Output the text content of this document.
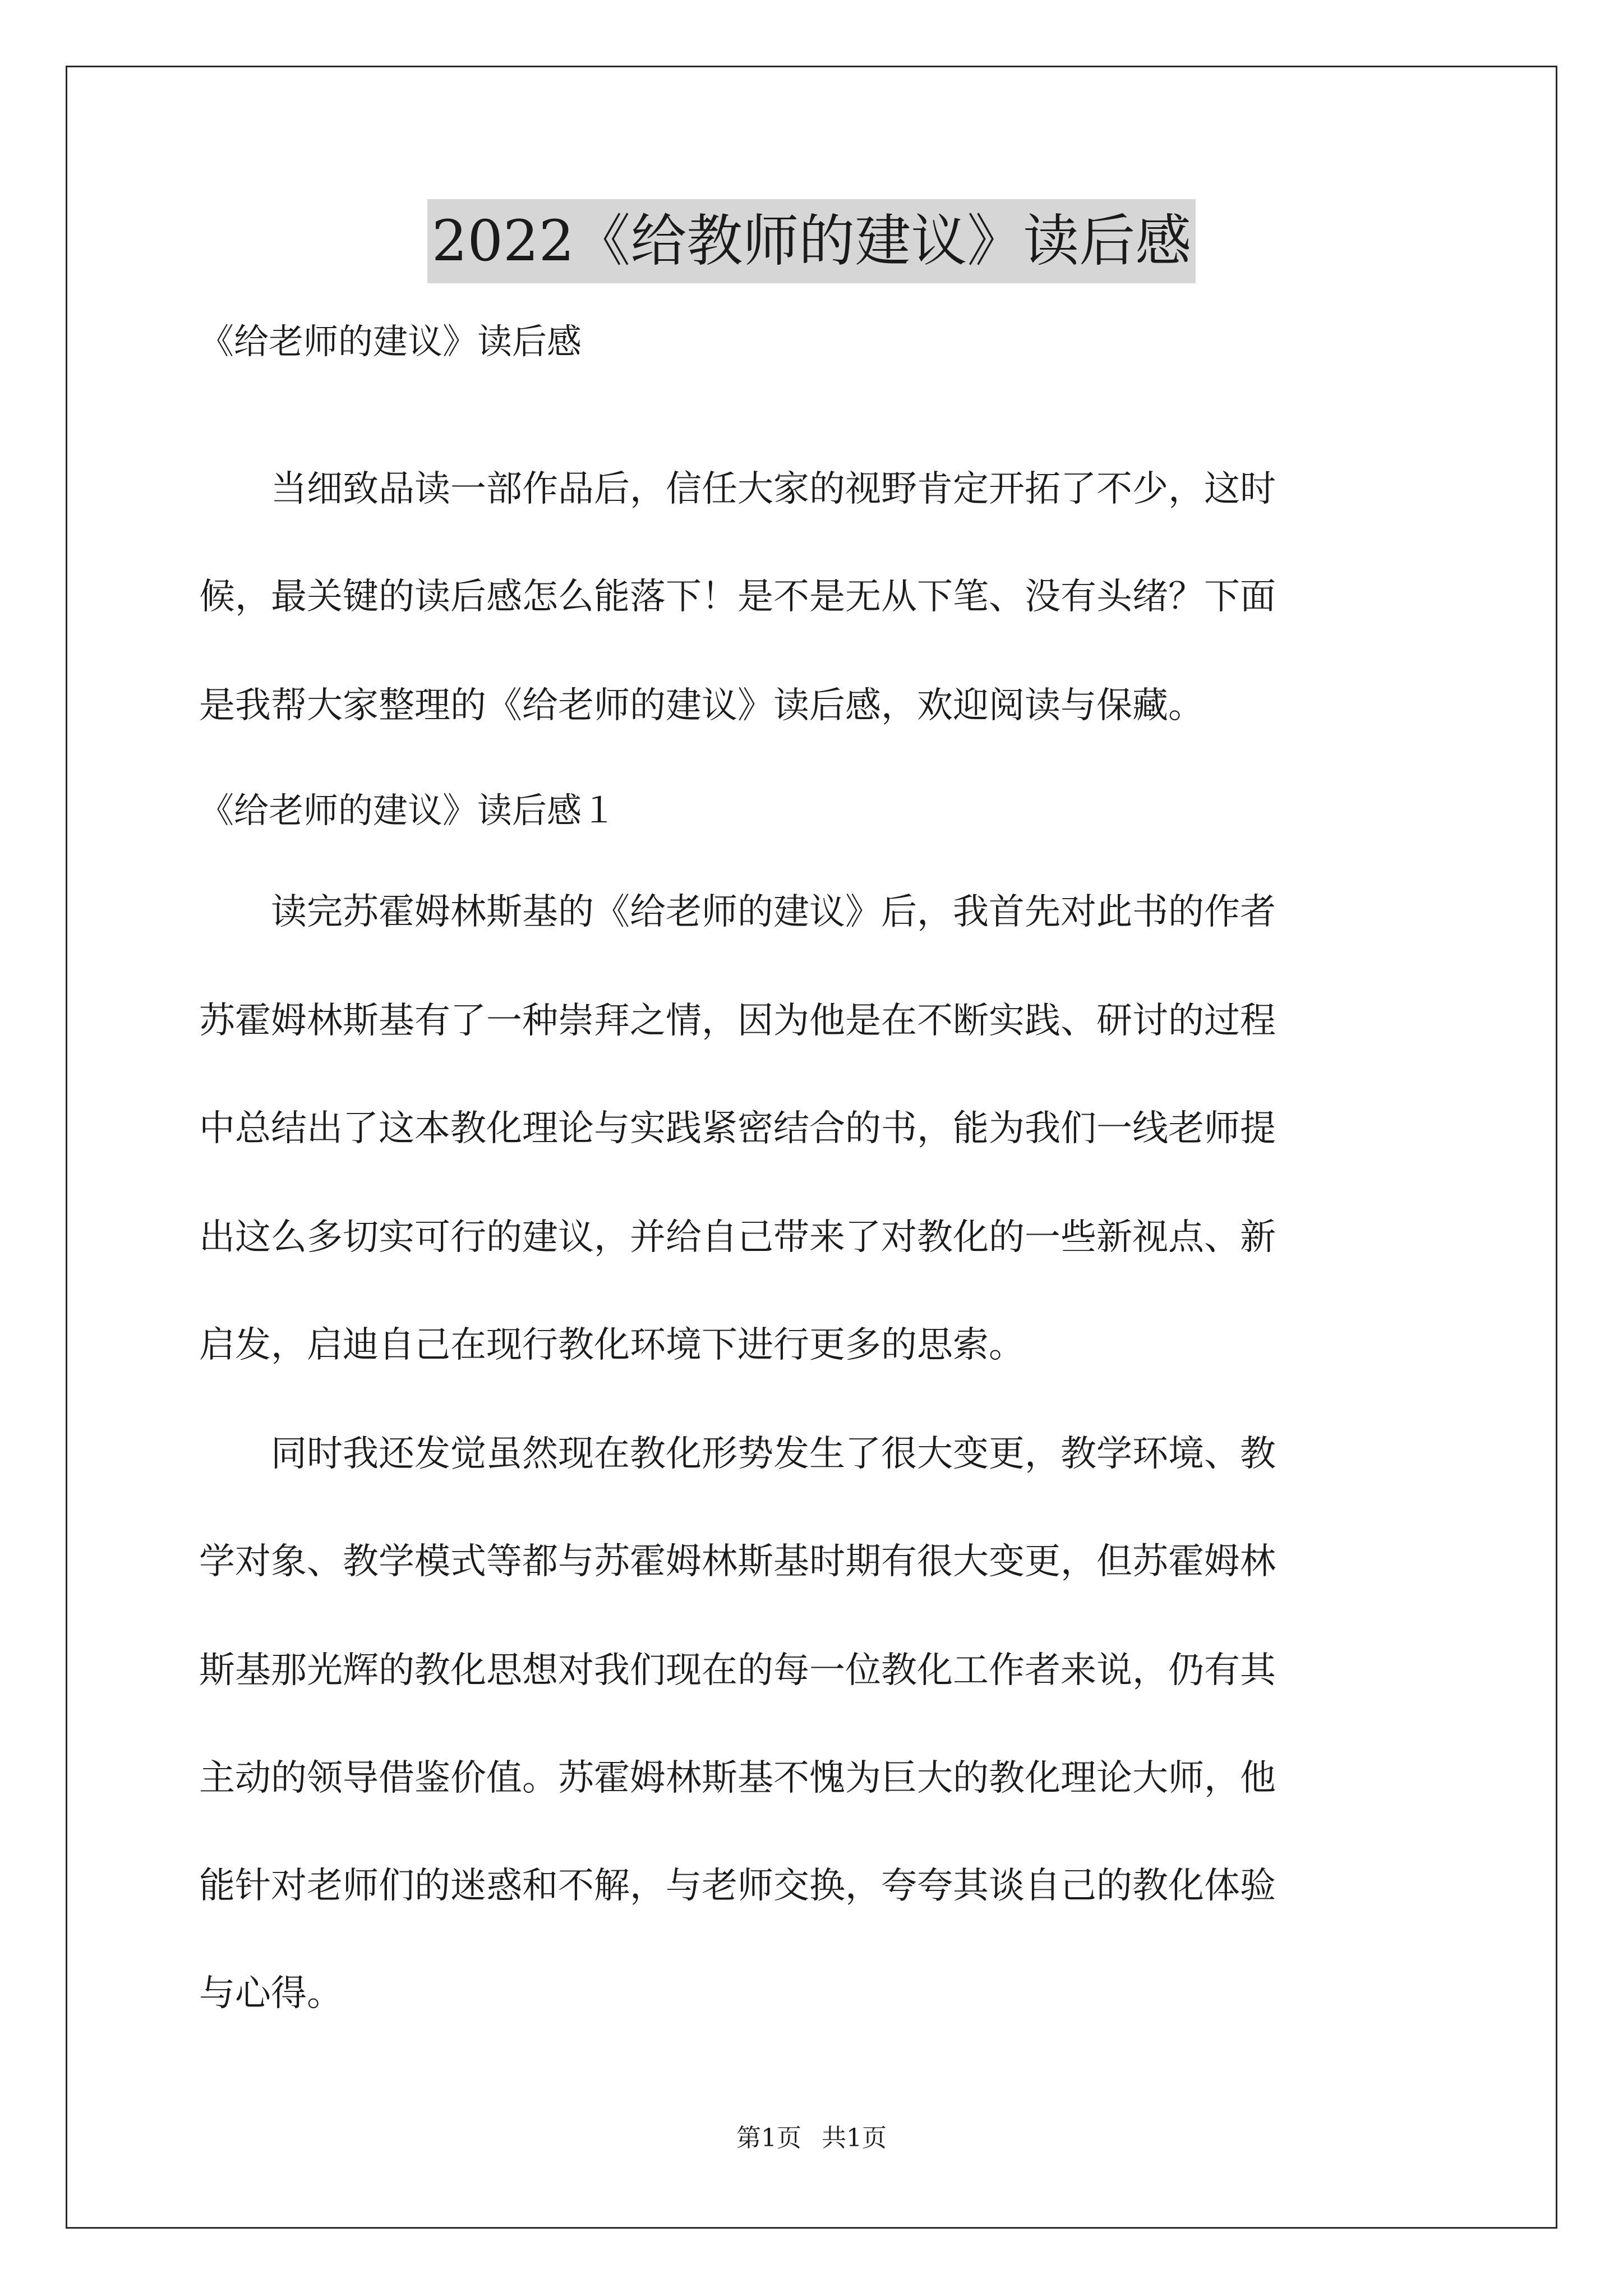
2022《给教师的建议》读后感

《给老师的建议》读后感

　　当细致品读一部作品后，信任大家的视野肯定开拓了不少，这时

候，最关键的读后感怎么能落下！是不是无从下笔、没有头绪？下面

是我帮大家整理的《给老师的建议》读后感，欢迎阅读与保藏。

《给老师的建议》读后感１

　　读完苏霍姆林斯基的《给老师的建议》后，我首先对此书的作者

苏霍姆林斯基有了一种崇拜之情，因为他是在不断实践、研讨的过程

中总结出了这本教化理论与实践紧密结合的书，能为我们一线老师提

出这么多切实可行的建议，并给自己带来了对教化的一些新视点、新

启发，启迪自己在现行教化环境下进行更多的思索。

　　同时我还发觉虽然现在教化形势发生了很大变更，教学环境、教

学对象、教学模式等都与苏霍姆林斯基时期有很大变更，但苏霍姆林

斯基那光辉的教化思想对我们现在的每一位教化工作者来说，仍有其

主动的领导借鉴价值。苏霍姆林斯基不愧为巨大的教化理论大师，他

能针对老师们的迷惑和不解，与老师交换，夸夸其谈自己的教化体验

与心得。

第1页 共1页
